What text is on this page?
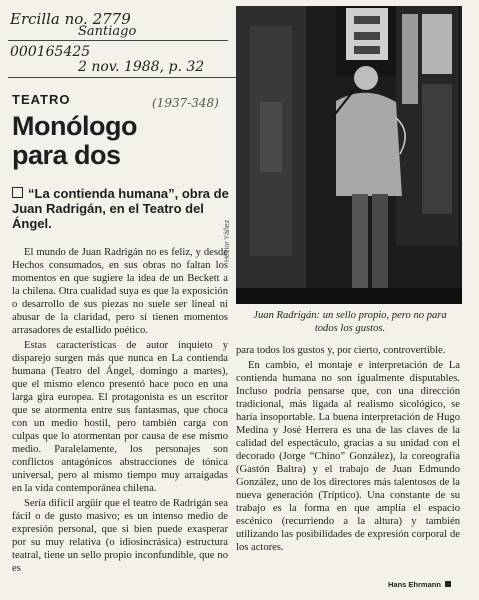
Ercilla no. 2779
Santiago
000165425
2 nov. 1988, p. 32
(1937-348)
TEATRO
Monólogo para dos
“La contienda humana”, obra de Juan Radrigán, en el Teatro del Ángel.	Héctor Yáñez
Juan Radrigán: un sello propio, pero no para todos los gustos.

El mundo de Juan Radrigán no es feliz, y desde Hechos consumados, en sus obras no faltan los momentos en que sugiere la idea de un Beckett a la chilena. Otra cualidad suya es que la exposición o desarrollo de sus piezas no suele ser lineal ni abusar de la claridad, pero sí tienen momentos arrasadores de estallido poético.

Estas características de autor inquieto y disparejo surgen más que nunca en La contienda humana (Teatro del Ángel, domingo a martes), que el mismo elenco presentó hace poco en una larga gira europea. El protagonista es un escritor que se atormenta entre sus fantasmas, que choca con un medio hostil, pero también carga con culpas que lo atormentan por causa de ese mismo medio. Paralelamente, los personajes son conflictos antagónicos abstracciones de tónica universal, pero al mismo tiempo muy arraigadas en la vida contemporánea chilena.

Sería difícil argüir que el teatro de Radrigán sea fácil o de gusto masivo; es un intenso medio de expresión personal, que si bien puede exasperar por su muy relativa (o idiosincrásica) estructura teatral, tiene un sello propio inconfundible, que no es

para todos los gustos y, por cierto, controvertible.

En cambio, el montaje e interpretación de La contienda humana no son igualmente disputables. Incluso podría pensarse que, con una dirección tradicional, más ligada al realismo sicológico, se haría insoportable. La buena interpretación de Hugo Medina y José Herrera es una de las claves de la calidad del espectáculo, gracias a su unidad con el decorado (Jorge “Chino” González), la coreografía (Gastón Baltra) y el trabajo de Juan Edmundo González, uno de los directores más talentosos de la nueva generación (Tríptico). Una constante de su trabajo es la forma en que amplía el espacio escénico (recurriendo a la altura) y también utilizando las posibilidades de expresión corporal de los actores.

Hans Ehrmann
